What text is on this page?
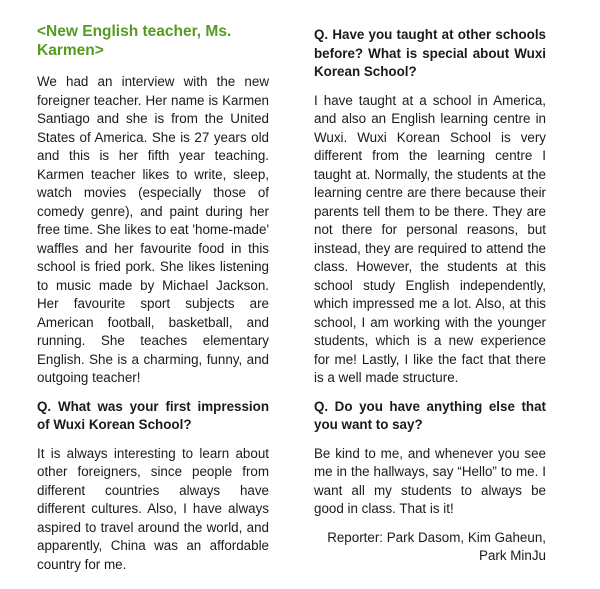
<New English teacher, Ms. Karmen>

We had an interview with the new foreigner teacher. Her name is Karmen Santiago and she is from the United States of America. She is 27 years old and this is her fifth year teaching. Karmen teacher likes to write, sleep, watch movies (especially those of comedy genre), and paint during her free time. She likes to eat 'home-made' waffles and her favourite food in this school is fried pork. She likes listening to music made by Michael Jackson. Her favourite sport subjects are American football, basketball, and running. She teaches elementary English. She is a charming, funny, and outgoing teacher!

Q. What was your first impression of Wuxi Korean School?

It is always interesting to learn about other foreigners, since people from different countries always have different cultures. Also, I have always aspired to travel around the world, and apparently, China was an affordable country for me.

Q. Have you taught at other schools before? What is special about Wuxi Korean School?

I have taught at a school in America, and also an English learning centre in Wuxi. Wuxi Korean School is very different from the learning centre I taught at. Normally, the students at the learning centre are there because their parents tell them to be there. They are not there for personal reasons, but instead, they are required to attend the class. However, the students at this school study English independently, which impressed me a lot. Also, at this school, I am working with the younger students, which is a new experience for me! Lastly, I like the fact that there is a well made structure.

Q. Do you have anything else that you want to say?

Be kind to me, and whenever you see me in the hallways, say “Hello” to me. I want all my students to always be good in class. That is it!

Reporter: Park Dasom, Kim Gaheun,
Park MinJu
